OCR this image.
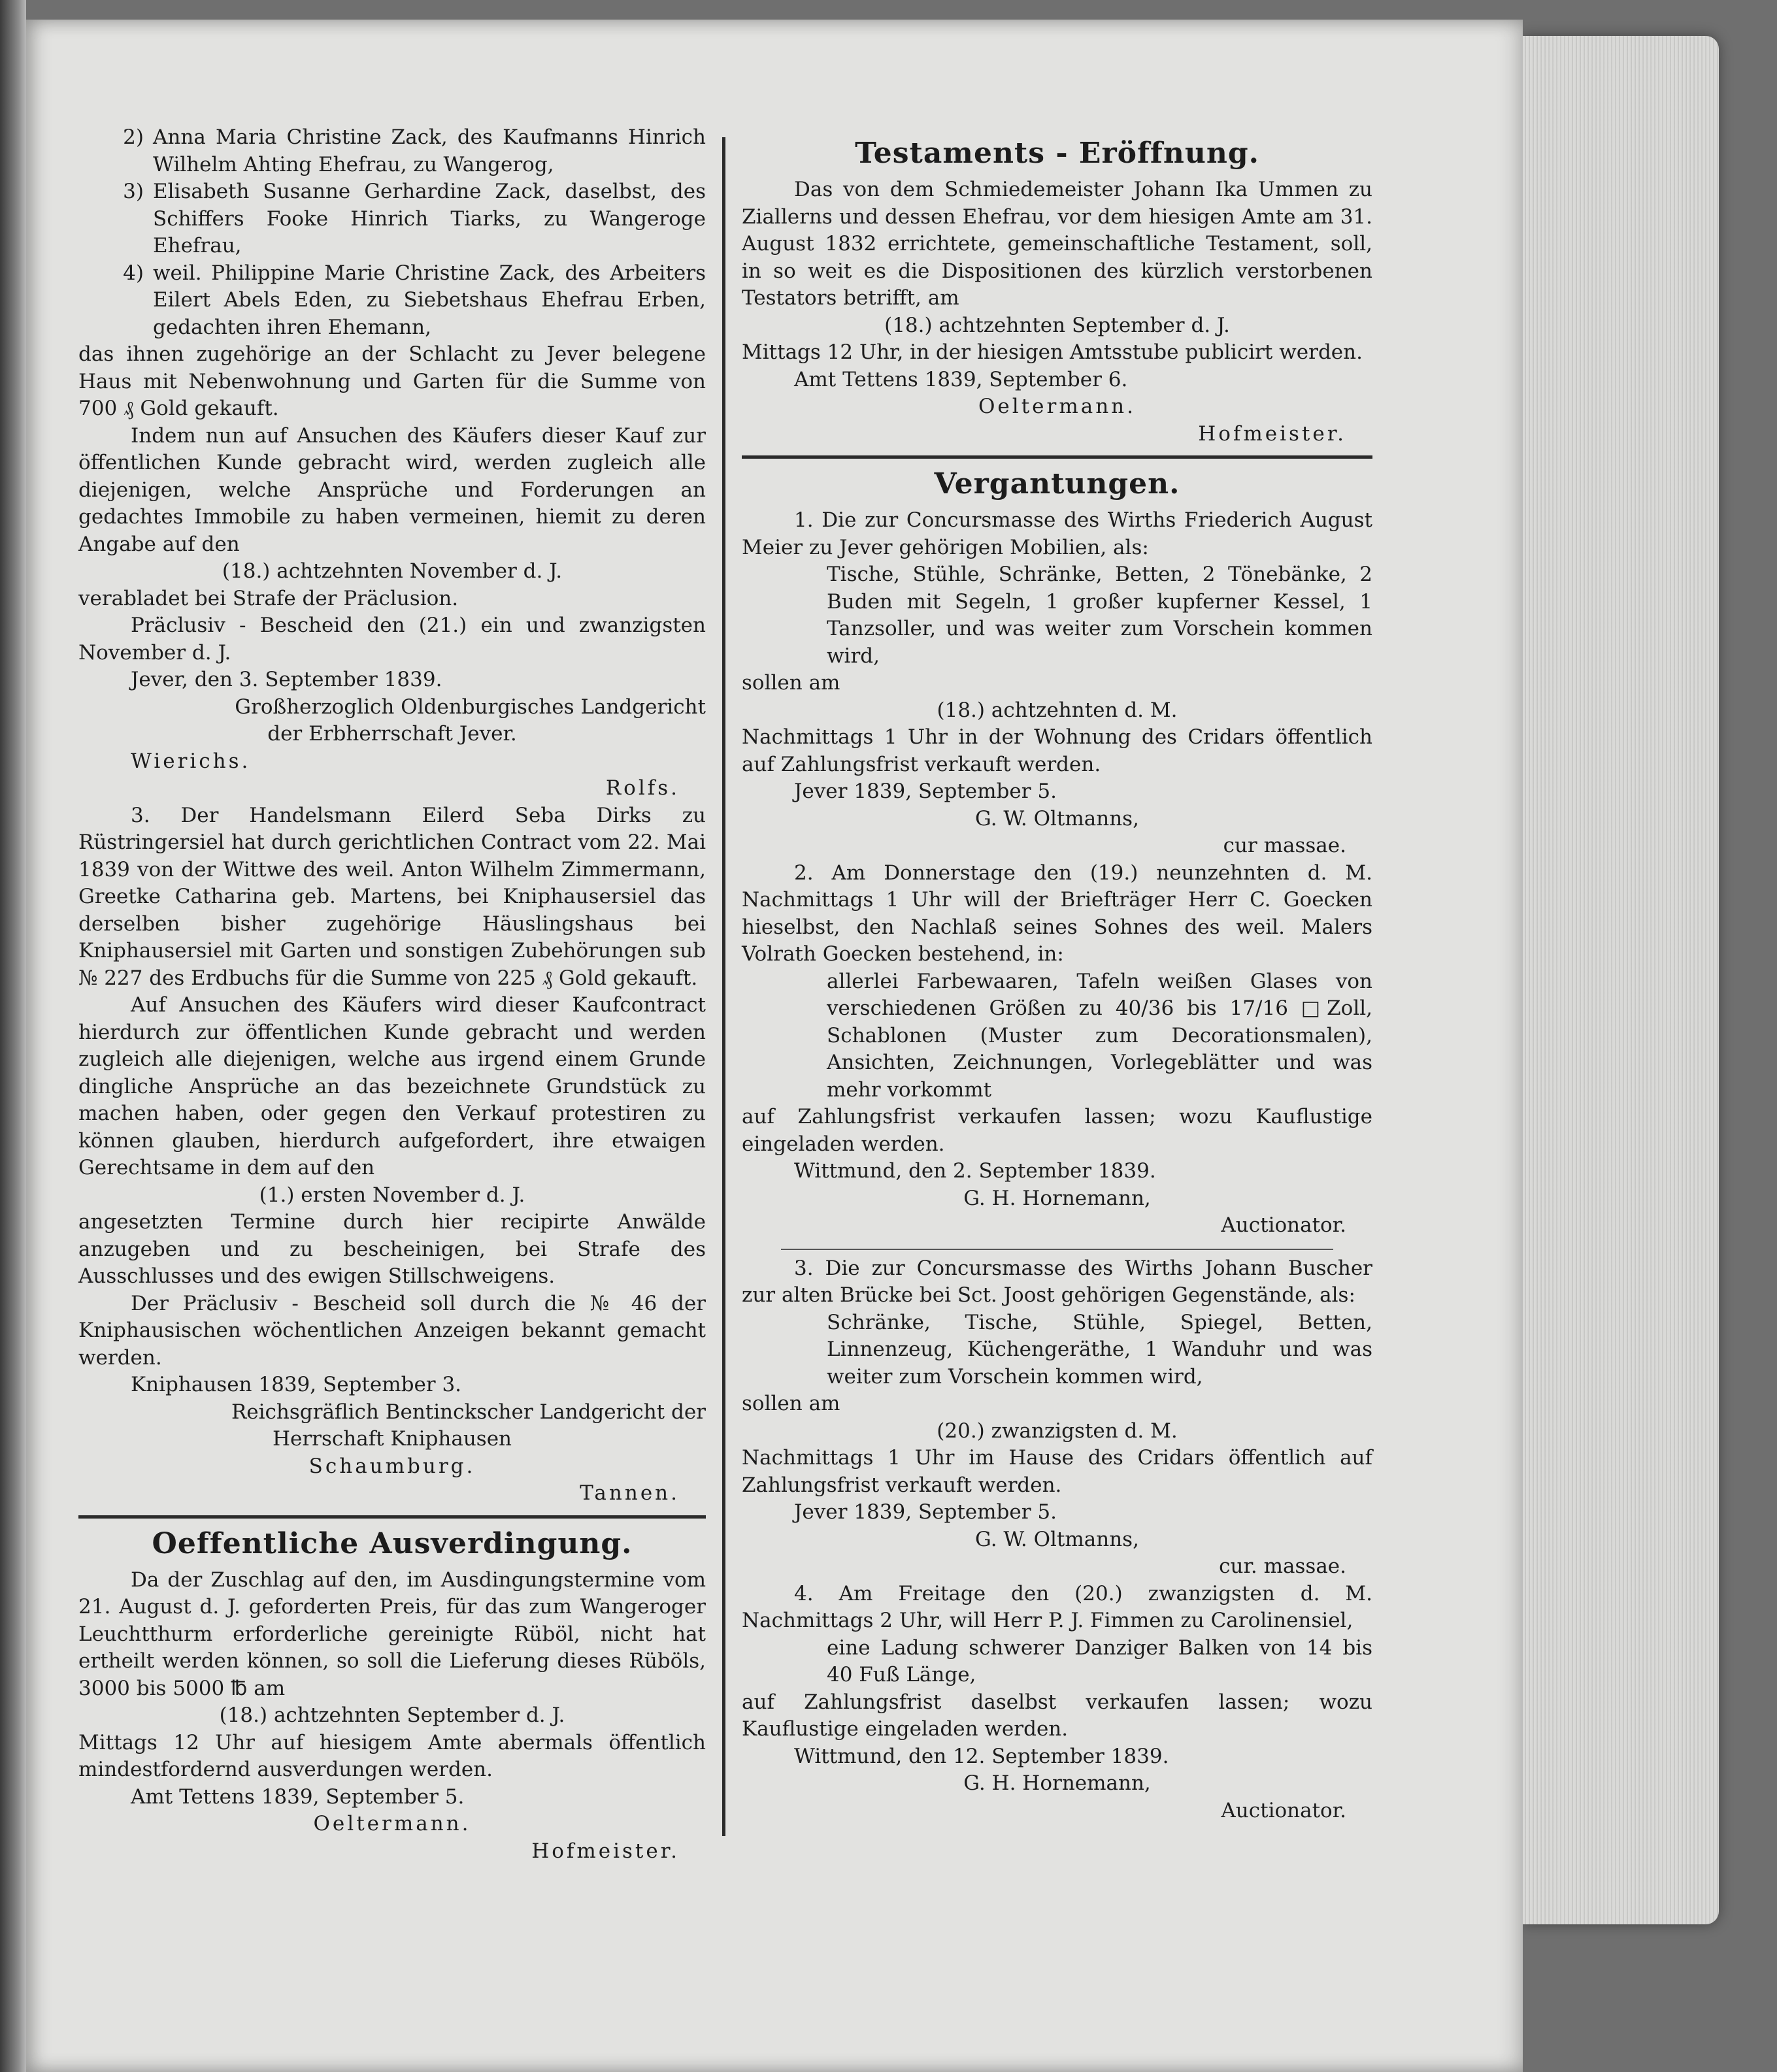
2) Anna Maria Christine Zack, des Kaufmanns Hinrich Wilhelm Ahting Ehefrau, zu Wangerog,
3) Elisabeth Susanne Gerhardine Zack, daselbst, des Schiffers Fooke Hinrich Tiarks, zu Wangeroge Ehefrau,
4) weil. Philippine Marie Christine Zack, des Arbeiters Eilert Abels Eden, zu Siebetshaus Ehefrau Erben, gedachten ihren Ehemann,

das ihnen zugehörige an der Schlacht zu Jever belegene Haus mit Nebenwohnung und Garten für die Summe von 700 ₰ Gold gekauft.

Indem nun auf Ansuchen des Käufers dieser Kauf zur öffentlichen Kunde gebracht wird, werden zugleich alle diejenigen, welche Ansprüche und Forderungen an gedachtes Immobile zu haben vermeinen, hiemit zu deren Angabe auf den

(18.) achtzehnten November d. J.

verabladet bei Strafe der Präclusion.

Präclusiv - Bescheid den (21.) ein und zwanzigsten November d. J.

Jever, den 3. September 1839.

Großherzoglich Oldenburgisches Landgericht

der Erbherrschaft Jever.

Wierichs.

Rolfs.

3. Der Handelsmann Eilerd Seba Dirks zu Rüstringersiel hat durch gerichtlichen Contract vom 22. Mai 1839 von der Wittwe des weil. Anton Wilhelm Zimmermann, Greetke Catharina geb. Martens, bei Kniphausersiel das derselben bisher zugehörige Häuslingshaus bei Kniphausersiel mit Garten und sonstigen Zubehörungen sub № 227 des Erdbuchs für die Summe von 225 ₰ Gold gekauft.

Auf Ansuchen des Käufers wird dieser Kaufcontract hierdurch zur öffentlichen Kunde gebracht und werden zugleich alle diejenigen, welche aus irgend einem Grunde dingliche Ansprüche an das bezeichnete Grundstück zu machen haben, oder gegen den Verkauf protestiren zu können glauben, hierdurch aufgefordert, ihre etwaigen Gerechtsame in dem auf den

(1.) ersten November d. J.

angesetzten Termine durch hier recipirte Anwälde anzugeben und zu bescheinigen, bei Strafe des Ausschlusses und des ewigen Stillschweigens.

Der Präclusiv - Bescheid soll durch die № 46 der Kniphausischen wöchentlichen Anzeigen bekannt gemacht werden.

Kniphausen 1839, September 3.

Reichsgräflich Bentinckscher Landgericht der

Herrschaft Kniphausen

Schaumburg.

Tannen.

Oeffentliche Ausverdingung.

Da der Zuschlag auf den, im Ausdingungstermine vom 21. August d. J. geforderten Preis, für das zum Wangeroger Leuchtthurm erforderliche gereinigte Rüböl, nicht hat ertheilt werden können, so soll die Lieferung dieses Rüböls, 3000 bis 5000 ℔ am

(18.) achtzehnten September d. J.

Mittags 12 Uhr auf hiesigem Amte abermals öffentlich mindestfordernd ausverdungen werden.

Amt Tettens 1839, September 5.

Oeltermann.

Hofmeister.

Testaments - Eröffnung.

Das von dem Schmiedemeister Johann Ika Ummen zu Ziallerns und dessen Ehefrau, vor dem hiesigen Amte am 31. August 1832 errichtete, gemeinschaftliche Testament, soll, in so weit es die Dispositionen des kürzlich verstorbenen Testators betrifft, am

(18.) achtzehnten September d. J.

Mittags 12 Uhr, in der hiesigen Amtsstube publicirt werden.

Amt Tettens 1839, September 6.

Oeltermann.

Hofmeister.

Vergantungen.

1. Die zur Concursmasse des Wirths Friederich August Meier zu Jever gehörigen Mobilien, als:

Tische, Stühle, Schränke, Betten, 2 Tönebänke, 2 Buden mit Segeln, 1 großer kupferner Kessel, 1 Tanzsoller, und was weiter zum Vorschein kommen wird,

sollen am

(18.) achtzehnten d. M.

Nachmittags 1 Uhr in der Wohnung des Cridars öffentlich auf Zahlungsfrist verkauft werden.

Jever 1839, September 5.

G. W. Oltmanns,

cur massae.

2. Am Donnerstage den (19.) neunzehnten d. M. Nachmittags 1 Uhr will der Briefträger Herr C. Goecken hieselbst, den Nachlaß seines Sohnes des weil. Malers Volrath Goecken bestehend, in:

allerlei Farbewaaren, Tafeln weißen Glases von verschiedenen Größen zu 40/36 bis 17/16 □Zoll, Schablonen (Muster zum Decorationsmalen), Ansichten, Zeichnungen, Vorlegeblätter und was mehr vorkommt

auf Zahlungsfrist verkaufen lassen; wozu Kauflustige eingeladen werden.

Wittmund, den 2. September 1839.

G. H. Hornemann,

Auctionator.

3. Die zur Concursmasse des Wirths Johann Buscher zur alten Brücke bei Sct. Joost gehörigen Gegenstände, als:

Schränke, Tische, Stühle, Spiegel, Betten, Linnenzeug, Küchengeräthe, 1 Wanduhr und was weiter zum Vorschein kommen wird,

sollen am

(20.) zwanzigsten d. M.

Nachmittags 1 Uhr im Hause des Cridars öffentlich auf Zahlungsfrist verkauft werden.

Jever 1839, September 5.

G. W. Oltmanns,

cur. massae.

4. Am Freitage den (20.) zwanzigsten d. M. Nachmittags 2 Uhr, will Herr P. J. Fimmen zu Carolinensiel,

eine Ladung schwerer Danziger Balken von 14 bis 40 Fuß Länge,

auf Zahlungsfrist daselbst verkaufen lassen; wozu Kauflustige eingeladen werden.

Wittmund, den 12. September 1839.

G. H. Hornemann,

Auctionator.
